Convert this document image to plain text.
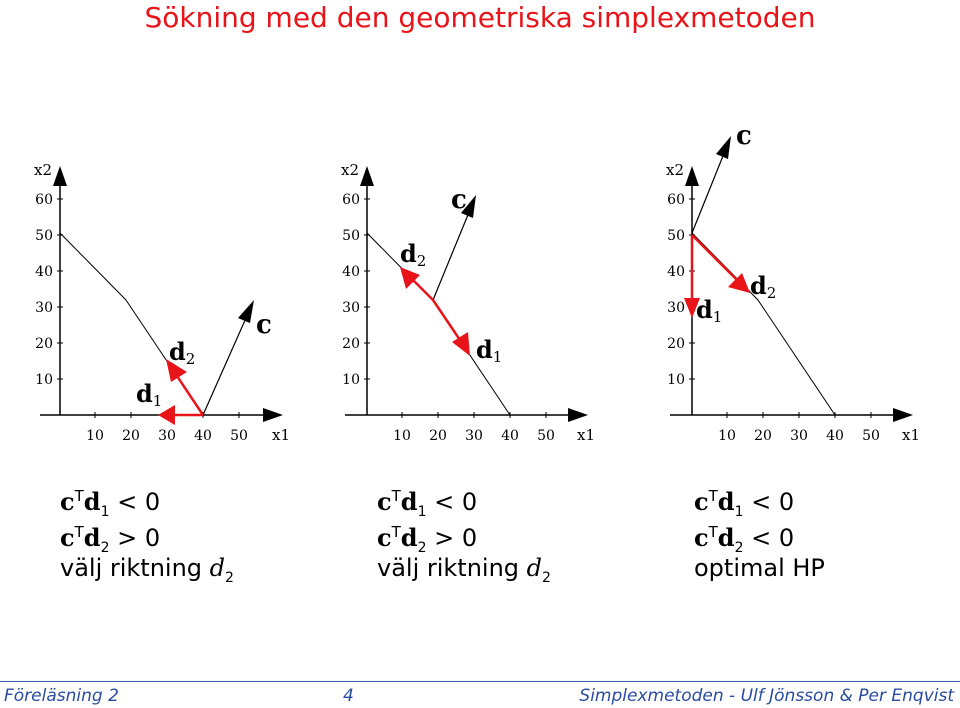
Sökning med den geometriska simplexmetoden
x2
x1
60
50
40
30
20
10
10 20 30 40 50
c
d1
d2
x2
x1
60
50
40
30
20
10
10 20 30 40 50
c
d2
d1
x2
x1
60
50
40
30
20
10
10 20 30 40 50
c
d1
d2
$c^Td_1 < 0$
$c^Td_2 > 0$
välj riktning $d_2$
$c^Td_1 < 0$
$c^Td_2 > 0$
välj riktning $d_2$
$c^Td_1 < 0$
$c^Td_2 < 0$
optimal HP
Föreläsning 2	4	Simplexmetoden - Ulf Jönsson & Per Enqvist
